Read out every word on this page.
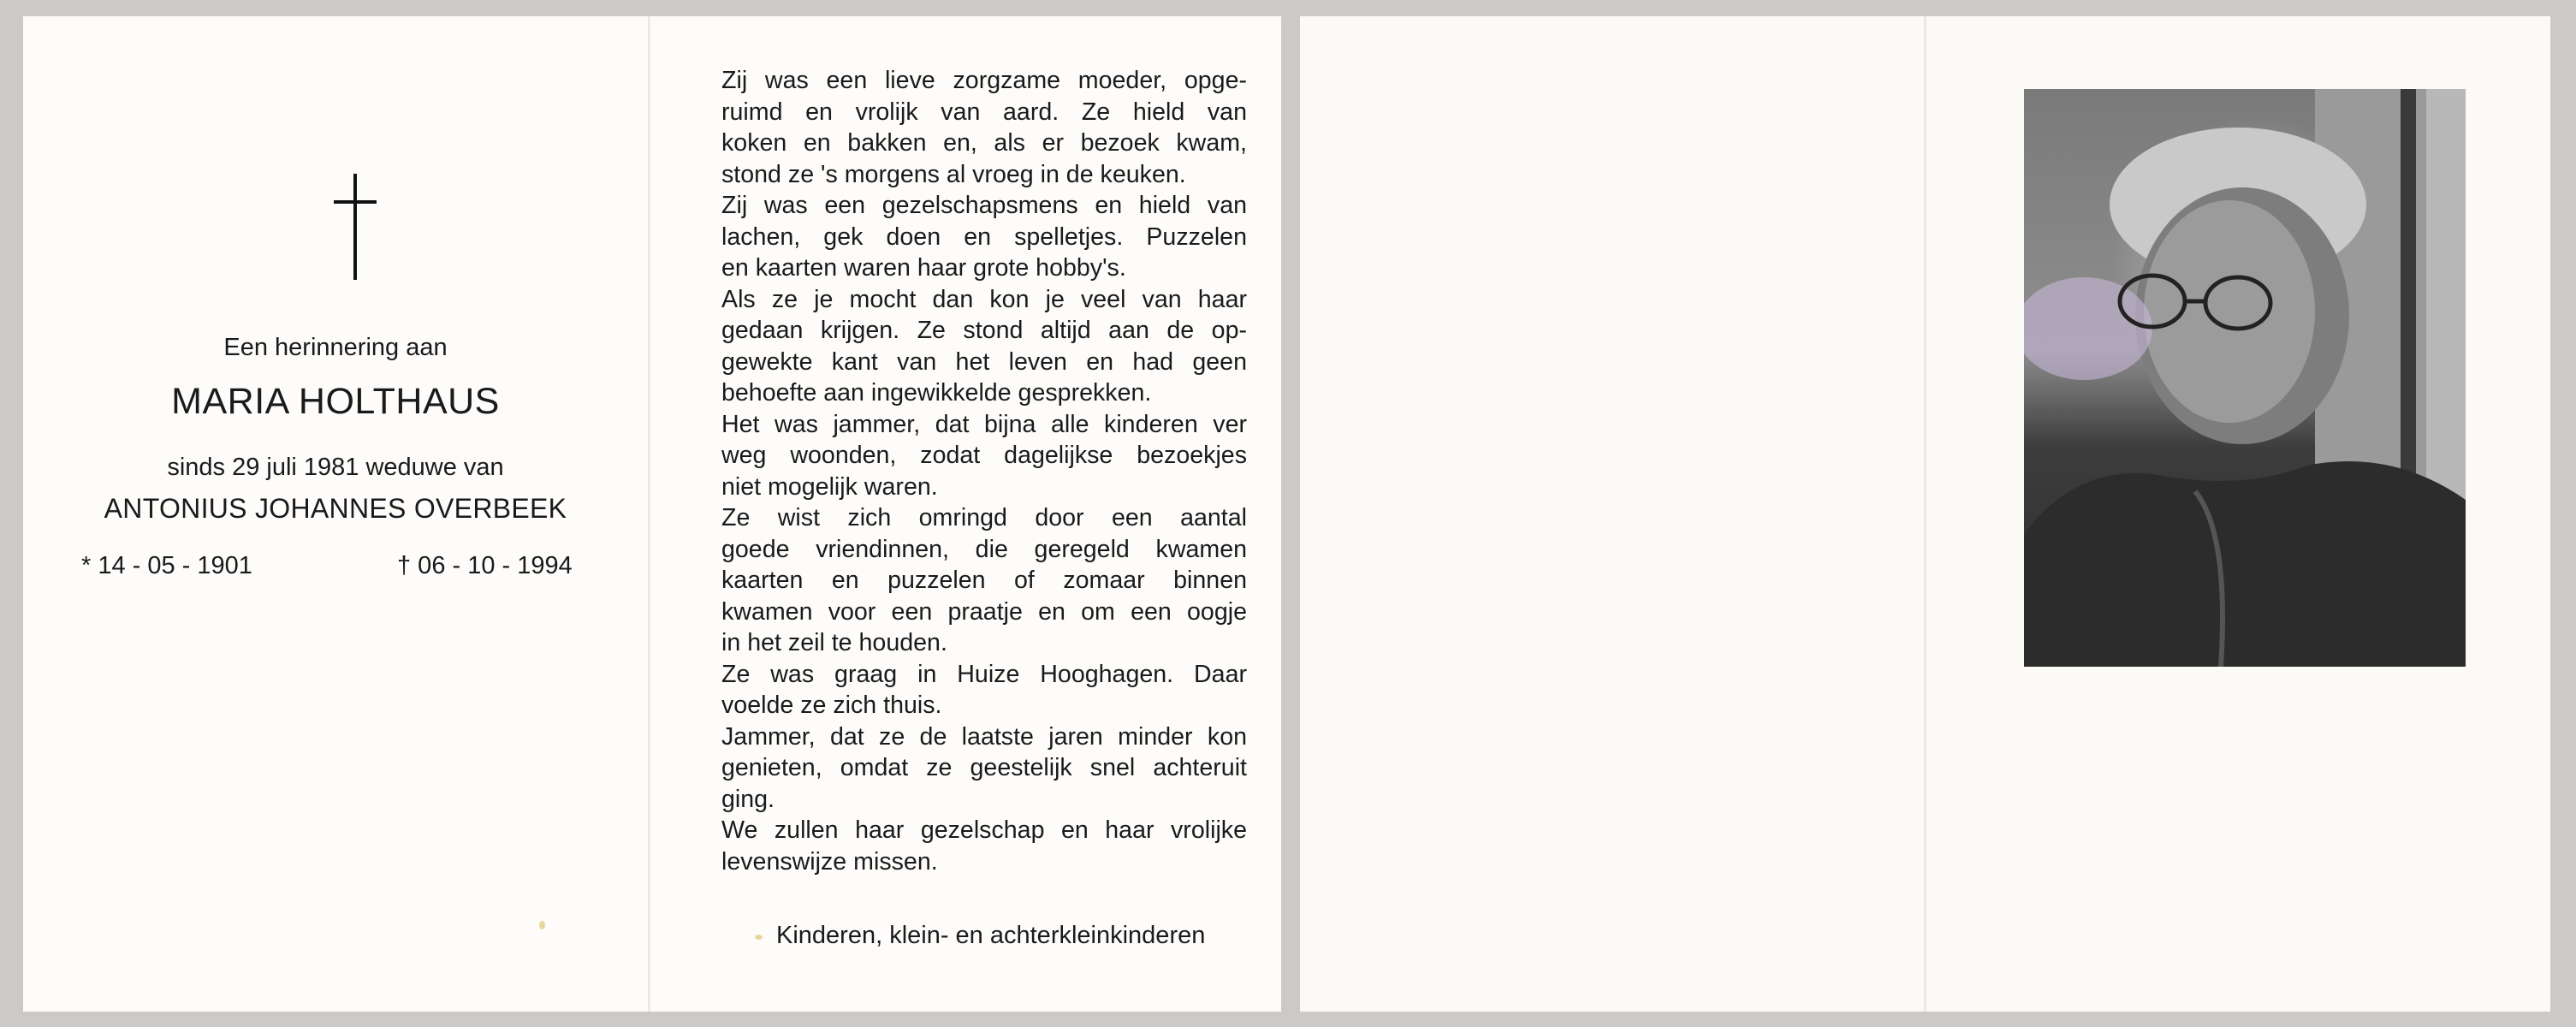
Een herinnering aan
MARIA HOLTHAUS
sinds 29 juli 1981 weduwe van
ANTONIUS JOHANNES OVERBEEK
* 14 - 05 - 1901	† 06 - 10 - 1994
Zij was een lieve zorgzame moeder, opge-
ruimd en vrolijk van aard. Ze hield van
koken en bakken en, als er bezoek kwam,
stond ze 's morgens al vroeg in de keuken.
Zij was een gezelschapsmens en hield van
lachen, gek doen en spelletjes. Puzzelen
en kaarten waren haar grote hobby's.
Als ze je mocht dan kon je veel van haar
gedaan krijgen. Ze stond altijd aan de op-
gewekte kant van het leven en had geen
behoefte aan ingewikkelde gesprekken.
Het was jammer, dat bijna alle kinderen ver
weg woonden, zodat dagelijkse bezoekjes
niet mogelijk waren.
Ze wist zich omringd door een aantal
goede vriendinnen, die geregeld kwamen
kaarten en puzzelen of zomaar binnen
kwamen voor een praatje en om een oogje
in het zeil te houden.
Ze was graag in Huize Hooghagen. Daar
voelde ze zich thuis.
Jammer, dat ze de laatste jaren minder kon
genieten, omdat ze geestelijk snel achteruit
ging.
We zullen haar gezelschap en haar vrolijke
levenswijze missen.
Kinderen, klein- en achterkleinkinderen
